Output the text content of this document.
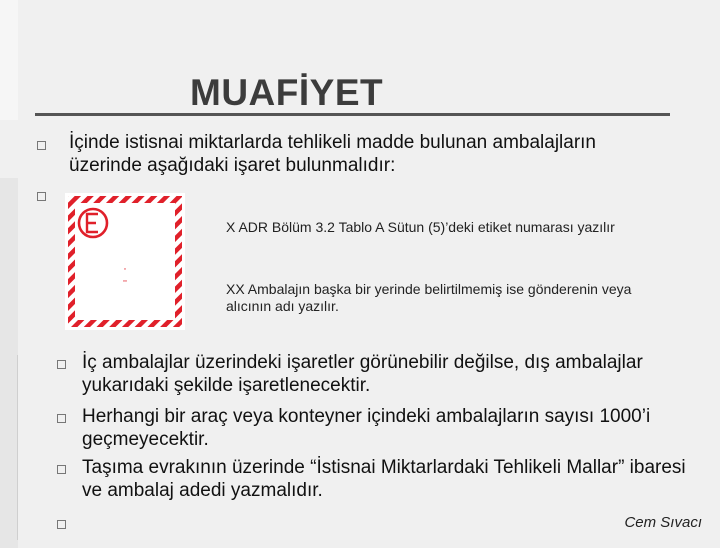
MUAFİYET
İçinde istisnai miktarlarda tehlikeli madde bulunan ambalajların üzerinde aşağıdaki işaret bulunmalıdır:
*
**
X ADR Bölüm 3.2 Tablo A Sütun (5)’deki etiket numarası yazılır
XX Ambalajın başka bir yerinde belirtilmemiş ise gönderenin veya alıcının adı yazılır.
İç ambalajlar üzerindeki işaretler görünebilir değilse, dış ambalajlar yukarıdaki şekilde işaretlenecektir.
Herhangi bir araç veya konteyner içindeki ambalajların sayısı 1000’i geçmeyecektir.
Taşıma evrakının üzerinde “İstisnai Miktarlardaki Tehlikeli Mallar” ibaresi ve ambalaj adedi yazmalıdır.
Cem Sıvacı
